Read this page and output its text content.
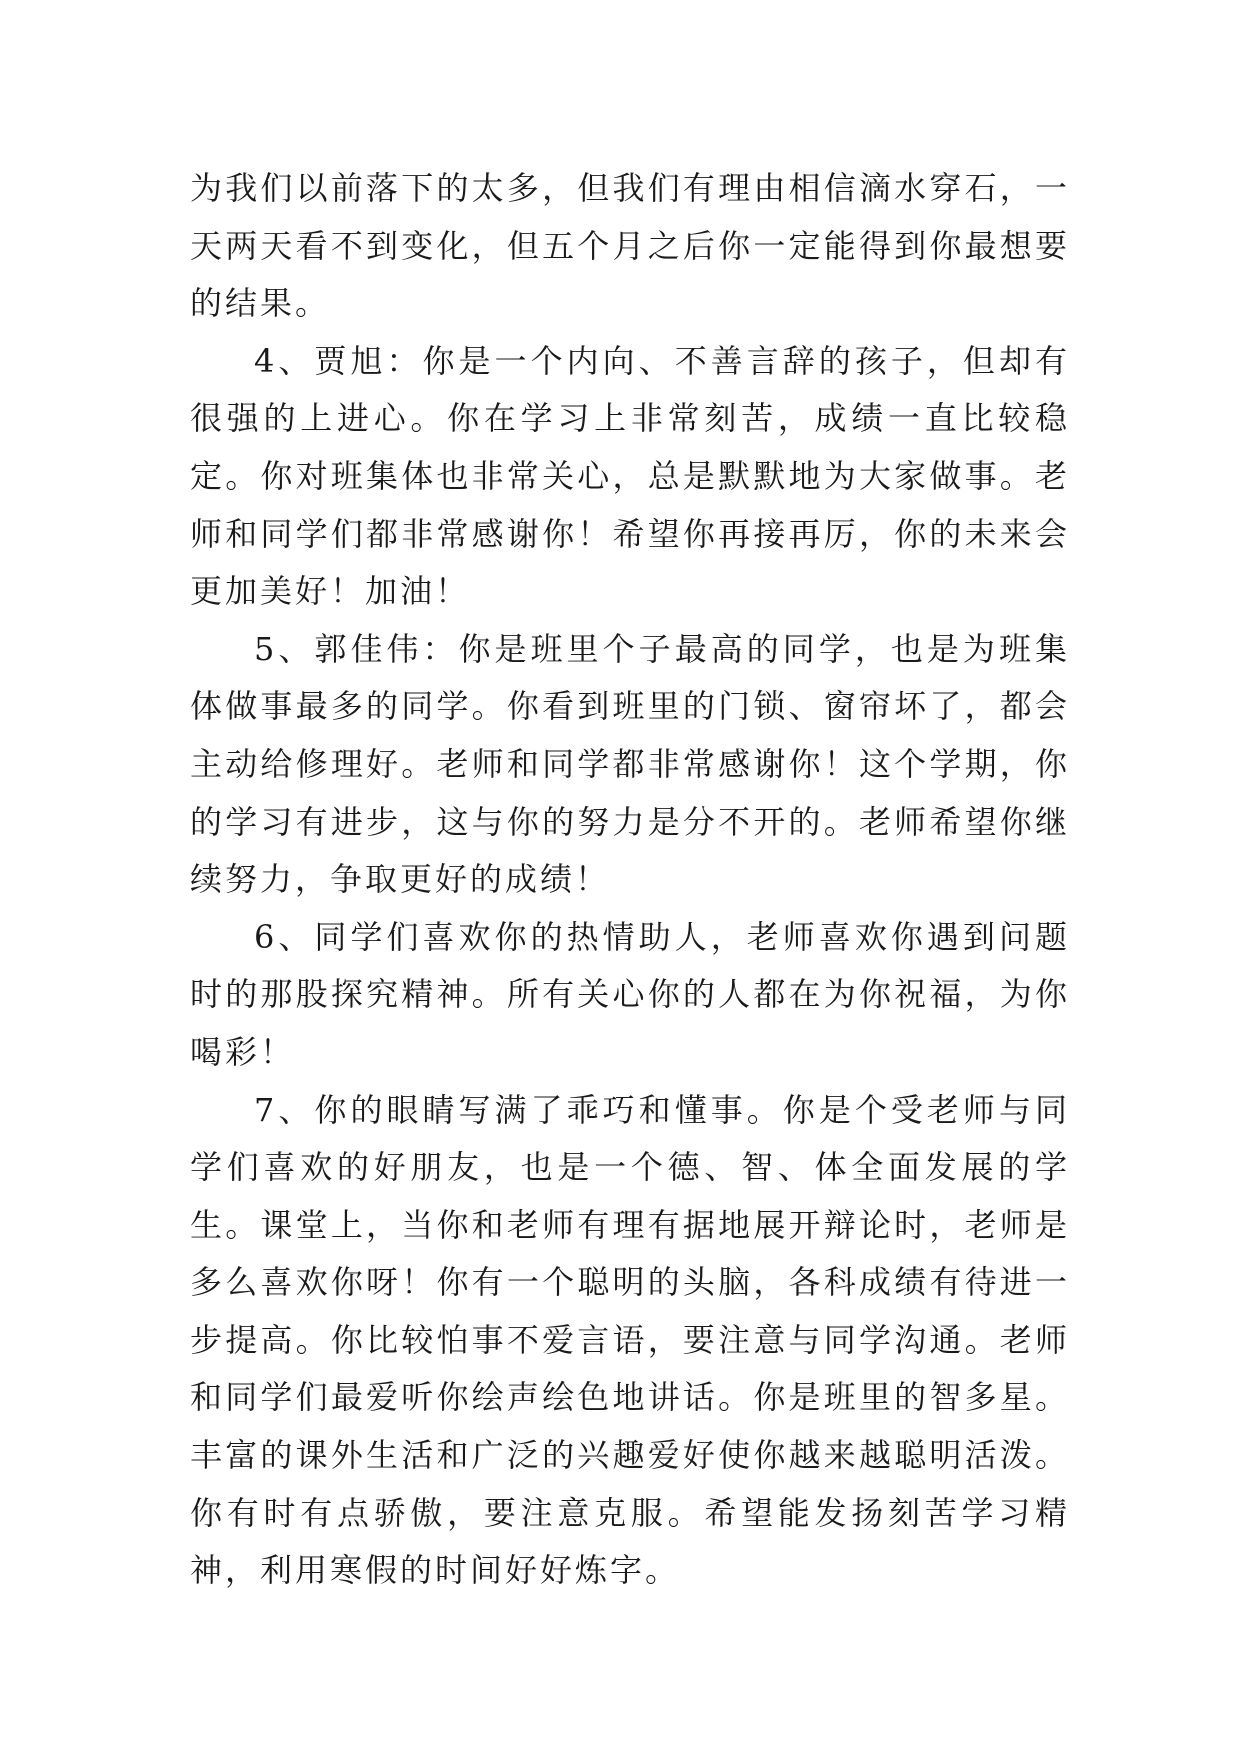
为我们以前落下的太多，但我们有理由相信滴水穿石，一天两天看不到变化，但五个月之后你一定能得到你最想要的结果。

4、贾旭：你是一个内向、不善言辞的孩子，但却有很强的上进心。你在学习上非常刻苦，成绩一直比较稳定。你对班集体也非常关心，总是默默地为大家做事。老师和同学们都非常感谢你！希望你再接再厉，你的未来会更加美好！加油！

5、郭佳伟：你是班里个子最高的同学，也是为班集体做事最多的同学。你看到班里的门锁、窗帘坏了，都会主动给修理好。老师和同学都非常感谢你！这个学期，你的学习有进步，这与你的努力是分不开的。老师希望你继续努力，争取更好的成绩！

6、同学们喜欢你的热情助人，老师喜欢你遇到问题时的那股探究精神。所有关心你的人都在为你祝福，为你喝彩！

7、你的眼睛写满了乖巧和懂事。你是个受老师与同学们喜欢的好朋友，也是一个德、智、体全面发展的学生。课堂上，当你和老师有理有据地展开辩论时，老师是多么喜欢你呀！你有一个聪明的头脑，各科成绩有待进一步提高。你比较怕事不爱言语，要注意与同学沟通。老师和同学们最爱听你绘声绘色地讲话。你是班里的智多星。丰富的课外生活和广泛的兴趣爱好使你越来越聪明活泼。你有时有点骄傲，要注意克服。希望能发扬刻苦学习精神，利用寒假的时间好好炼字。
